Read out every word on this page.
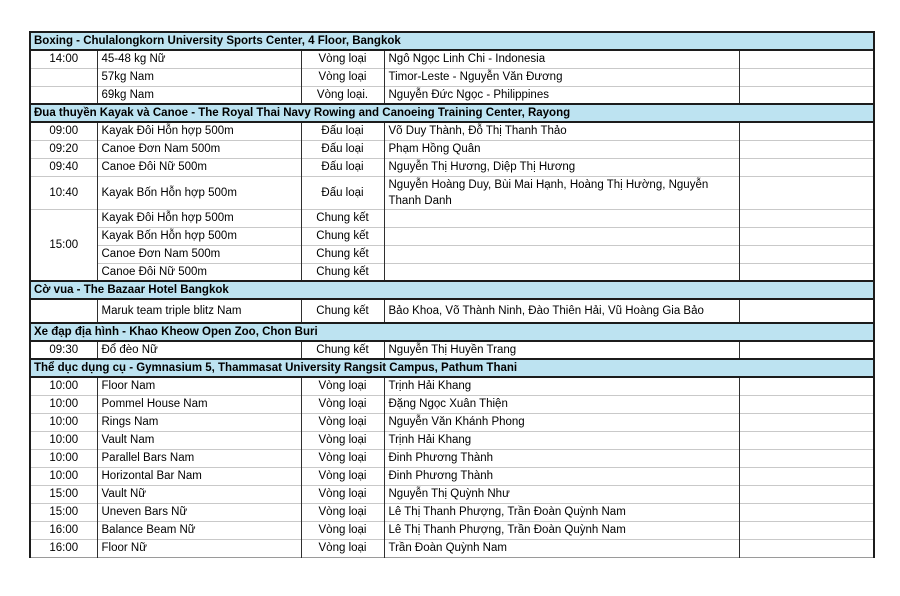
Boxing - Chulalongkorn University Sports Center, 4 Floor, Bangkok				
14:00	45-48 kg Nữ	Vòng loại	Ngô Ngọc Linh Chi - Indonesia	
	57kg Nam	Vòng loại	Timor-Leste - Nguyễn Văn Đương	
	69kg Nam	Vòng loại.	Nguyễn Đức Ngọc - Philippines	
Đua thuyền Kayak và Canoe - The Royal Thai Navy Rowing and Canoeing Training Center, Rayong				
09:00	Kayak Đôi Hỗn hợp 500m	Đấu loại	Võ Duy Thành, Đỗ Thị Thanh Thảo	
09:20	Canoe Đơn Nam 500m	Đấu loại	Phạm Hồng Quân	
09:40	Canoe Đôi Nữ 500m	Đấu loại	Nguyễn Thị Hương, Diệp Thị Hương	
10:40	Kayak Bốn Hỗn hợp 500m	Đấu loại	Nguyễn Hoàng Duy, Bùi Mai Hạnh, Hoàng Thị Hường, Nguyễn Thanh Danh	
15:00	Kayak Đôi Hỗn hợp 500m	Chung kết		
	Kayak Bốn Hỗn hợp 500m	Chung kết		
	Canoe Đơn Nam 500m	Chung kết		
	Canoe Đôi Nữ 500m	Chung kết		
Cờ vua - The Bazaar Hotel Bangkok				
	Maruk team triple blitz Nam	Chung kết	Bảo Khoa, Võ Thành Ninh, Đào Thiên Hải, Vũ Hoàng Gia Bảo	
Xe đạp địa hình - Khao Kheow Open Zoo, Chon Buri				
09:30	Đổ đèo Nữ	Chung kết	Nguyễn Thị Huyền Trang	
Thể dục dụng cụ - Gymnasium 5, Thammasat University Rangsit Campus, Pathum Thani				
10:00	Floor Nam	Vòng loại	Trịnh Hải Khang	
10:00	Pommel House Nam	Vòng loại	Đặng Ngọc Xuân Thiện	
10:00	Rings Nam	Vòng loại	Nguyễn Văn Khánh Phong	
10:00	Vault Nam	Vòng loại	Trịnh Hải Khang	
10:00	Parallel Bars Nam	Vòng loại	Đinh Phương Thành	
10:00	Horizontal Bar Nam	Vòng loại	Đinh Phương Thành	
15:00	Vault Nữ	Vòng loại	Nguyễn Thị Quỳnh Như	
15:00	Uneven Bars Nữ	Vòng loại	Lê Thị Thanh Phượng, Trần Đoàn Quỳnh Nam	
16:00	Balance Beam Nữ	Vòng loại	Lê Thị Thanh Phượng, Trần Đoàn Quỳnh Nam	
16:00	Floor Nữ	Vòng loại	Trần Đoàn Quỳnh Nam	
